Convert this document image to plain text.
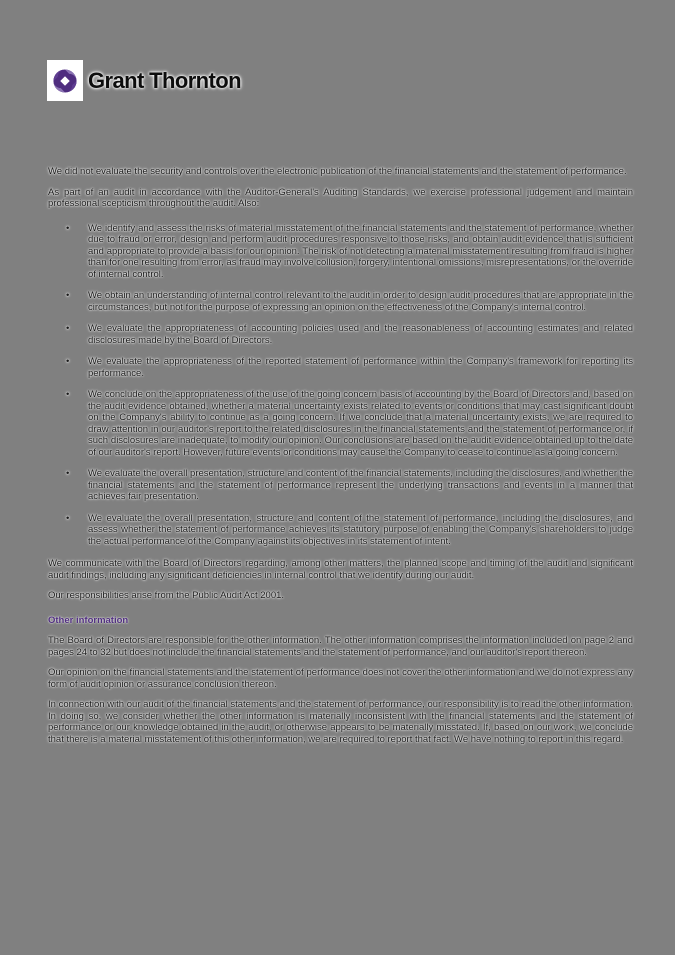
Grant Thornton

We did not evaluate the security and controls over the electronic publication of the financial statements and the statement of performance.

As part of an audit in accordance with the Auditor-General's Auditing Standards, we exercise professional judgement and maintain professional scepticism throughout the audit. Also:

• We identify and assess the risks of material misstatement of the financial statements and the statement of performance, whether due to fraud or error, design and perform audit procedures responsive to those risks, and obtain audit evidence that is sufficient and appropriate to provide a basis for our opinion. The risk of not detecting a material misstatement resulting from fraud is higher than for one resulting from error, as fraud may involve collusion, forgery, intentional omissions, misrepresentations, or the override of internal control.
• We obtain an understanding of internal control relevant to the audit in order to design audit procedures that are appropriate in the circumstances, but not for the purpose of expressing an opinion on the effectiveness of the Company's internal control.
• We evaluate the appropriateness of accounting policies used and the reasonableness of accounting estimates and related disclosures made by the Board of Directors.
• We evaluate the appropriateness of the reported statement of performance within the Company's framework for reporting its performance.
• We conclude on the appropriateness of the use of the going concern basis of accounting by the Board of Directors and, based on the audit evidence obtained, whether a material uncertainty exists related to events or conditions that may cast significant doubt on the Company's ability to continue as a going concern. If we conclude that a material uncertainty exists, we are required to draw attention in our auditor's report to the related disclosures in the financial statements and the statement of performance or, if such disclosures are inadequate, to modify our opinion. Our conclusions are based on the audit evidence obtained up to the date of our auditor's report. However, future events or conditions may cause the Company to cease to continue as a going concern.
• We evaluate the overall presentation, structure and content of the financial statements, including the disclosures, and whether the financial statements and the statement of performance represent the underlying transactions and events in a manner that achieves fair presentation.
• We evaluate the overall presentation, structure and content of the statement of performance, including the disclosures, and assess whether the statement of performance achieves its statutory purpose of enabling the Company's shareholders to judge the actual performance of the Company against its objectives in its statement of intent.

We communicate with the Board of Directors regarding, among other matters, the planned scope and timing of the audit and significant audit findings, including any significant deficiencies in internal control that we identify during our audit.

Our responsibilities arise from the Public Audit Act 2001.

Other information

The Board of Directors are responsible for the other information. The other information comprises the information included on page 2 and pages 24 to 32 but does not include the financial statements and the statement of performance, and our auditor's report thereon.

Our opinion on the financial statements and the statement of performance does not cover the other information and we do not express any form of audit opinion or assurance conclusion thereon.

In connection with our audit of the financial statements and the statement of performance, our responsibility is to read the other information. In doing so, we consider whether the other information is materially inconsistent with the financial statements and the statement of performance or our knowledge obtained in the audit, or otherwise appears to be materially misstated. If, based on our work, we conclude that there is a material misstatement of this other information, we are required to report that fact. We have nothing to report in this regard.
